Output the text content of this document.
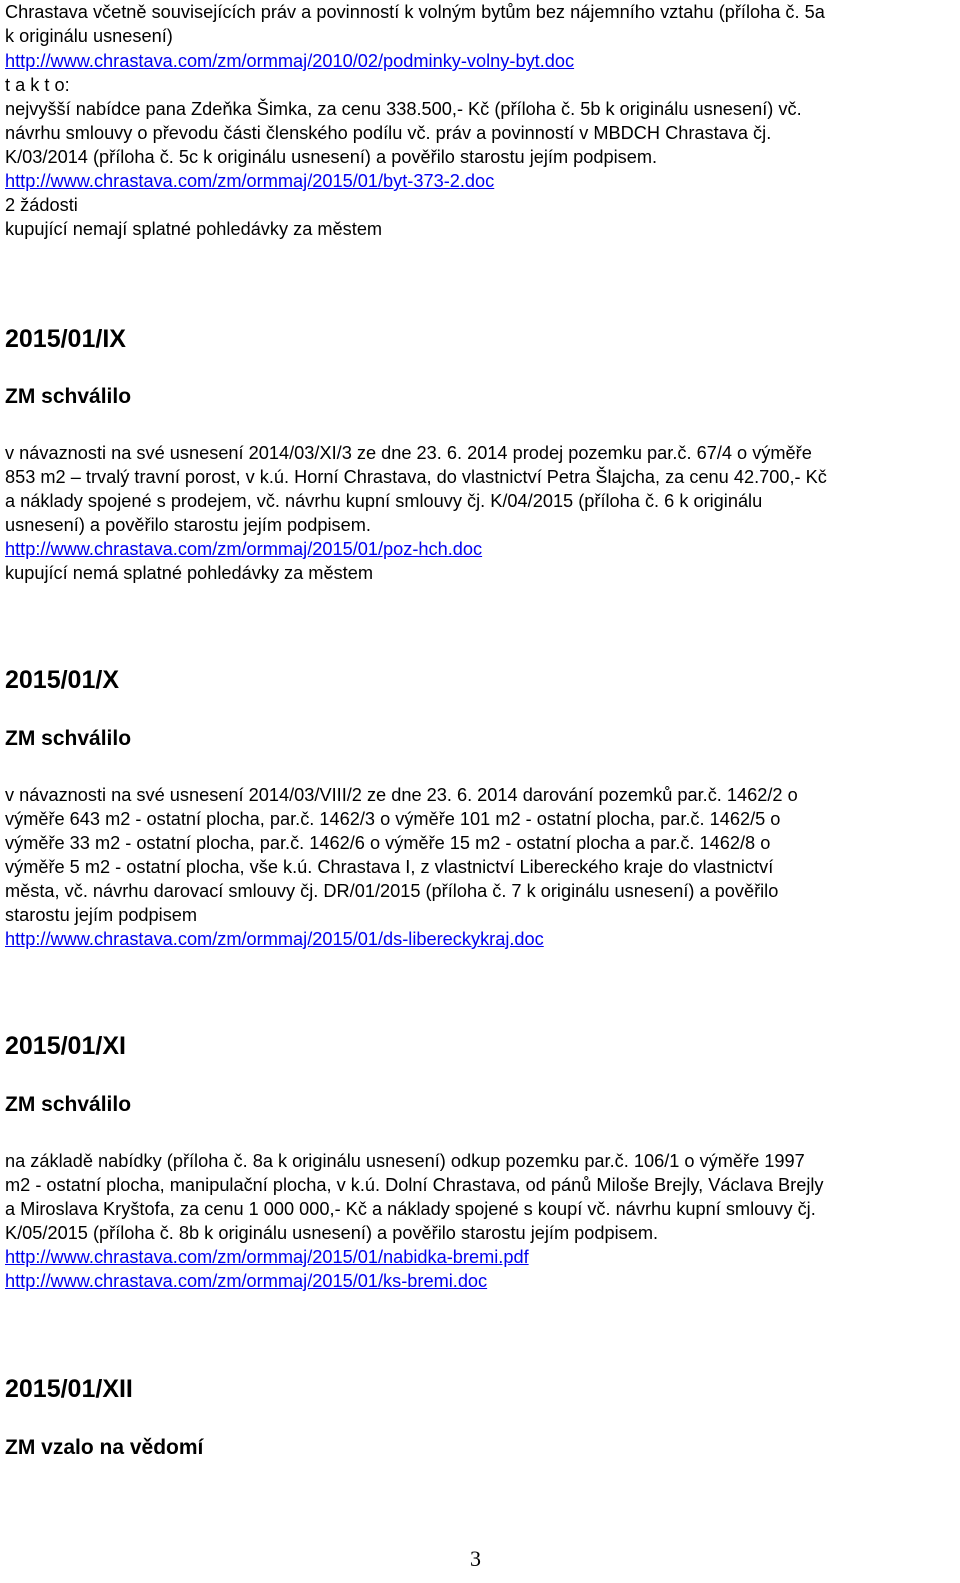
Chrastava včetně souvisejících práv a povinností k volným bytům bez nájemního vztahu (příloha č. 5a
k originálu usnesení)
http://www.chrastava.com/zm/ormmaj/2010/02/podminky-volny-byt.doc
t a k t o:
nejvyšší nabídce pana Zdeňka Šimka, za cenu 338.500,- Kč (příloha č. 5b k originálu usnesení) vč.
návrhu smlouvy o převodu části členského podílu vč. práv a povinností v MBDCH Chrastava čj.
K/03/2014 (příloha č. 5c k originálu usnesení) a pověřilo starostu jejím podpisem.
http://www.chrastava.com/zm/ormmaj/2015/01/byt-373-2.doc
2 žádosti
kupující nemají splatné pohledávky za městem
2015/01/IX
ZM schválilo
v návaznosti na své usnesení 2014/03/XI/3 ze dne 23. 6. 2014 prodej pozemku par.č. 67/4 o výměře
853 m2 – trvalý travní porost, v k.ú. Horní Chrastava, do vlastnictví Petra Šlajcha, za cenu 42.700,- Kč
a náklady spojené s prodejem, vč. návrhu kupní smlouvy čj. K/04/2015 (příloha č. 6 k originálu
usnesení) a pověřilo starostu jejím podpisem.
http://www.chrastava.com/zm/ormmaj/2015/01/poz-hch.doc
kupující nemá splatné pohledávky za městem
2015/01/X
ZM schválilo
v návaznosti na své usnesení 2014/03/VIII/2 ze dne 23. 6. 2014 darování pozemků par.č. 1462/2 o
výměře 643 m2 - ostatní plocha, par.č. 1462/3 o výměře 101 m2 - ostatní plocha, par.č. 1462/5 o
výměře 33 m2 - ostatní plocha, par.č. 1462/6 o výměře 15 m2 - ostatní plocha a par.č. 1462/8 o
výměře 5 m2 - ostatní plocha, vše k.ú. Chrastava I, z vlastnictví Libereckého kraje do vlastnictví
města, vč. návrhu darovací smlouvy čj. DR/01/2015 (příloha č. 7 k originálu usnesení) a pověřilo
starostu jejím podpisem
http://www.chrastava.com/zm/ormmaj/2015/01/ds-libereckykraj.doc
2015/01/XI
ZM schválilo
na základě nabídky (příloha č. 8a k originálu usnesení) odkup pozemku par.č. 106/1 o výměře 1997
m2 - ostatní plocha, manipulační plocha, v k.ú. Dolní Chrastava, od pánů Miloše Brejly, Václava Brejly
a Miroslava Kryštofa, za cenu 1 000 000,- Kč a náklady spojené s koupí vč. návrhu kupní smlouvy čj.
K/05/2015 (příloha č. 8b k originálu usnesení) a pověřilo starostu jejím podpisem.
http://www.chrastava.com/zm/ormmaj/2015/01/nabidka-bremi.pdf
http://www.chrastava.com/zm/ormmaj/2015/01/ks-bremi.doc
2015/01/XII
ZM vzalo na vědomí
3
